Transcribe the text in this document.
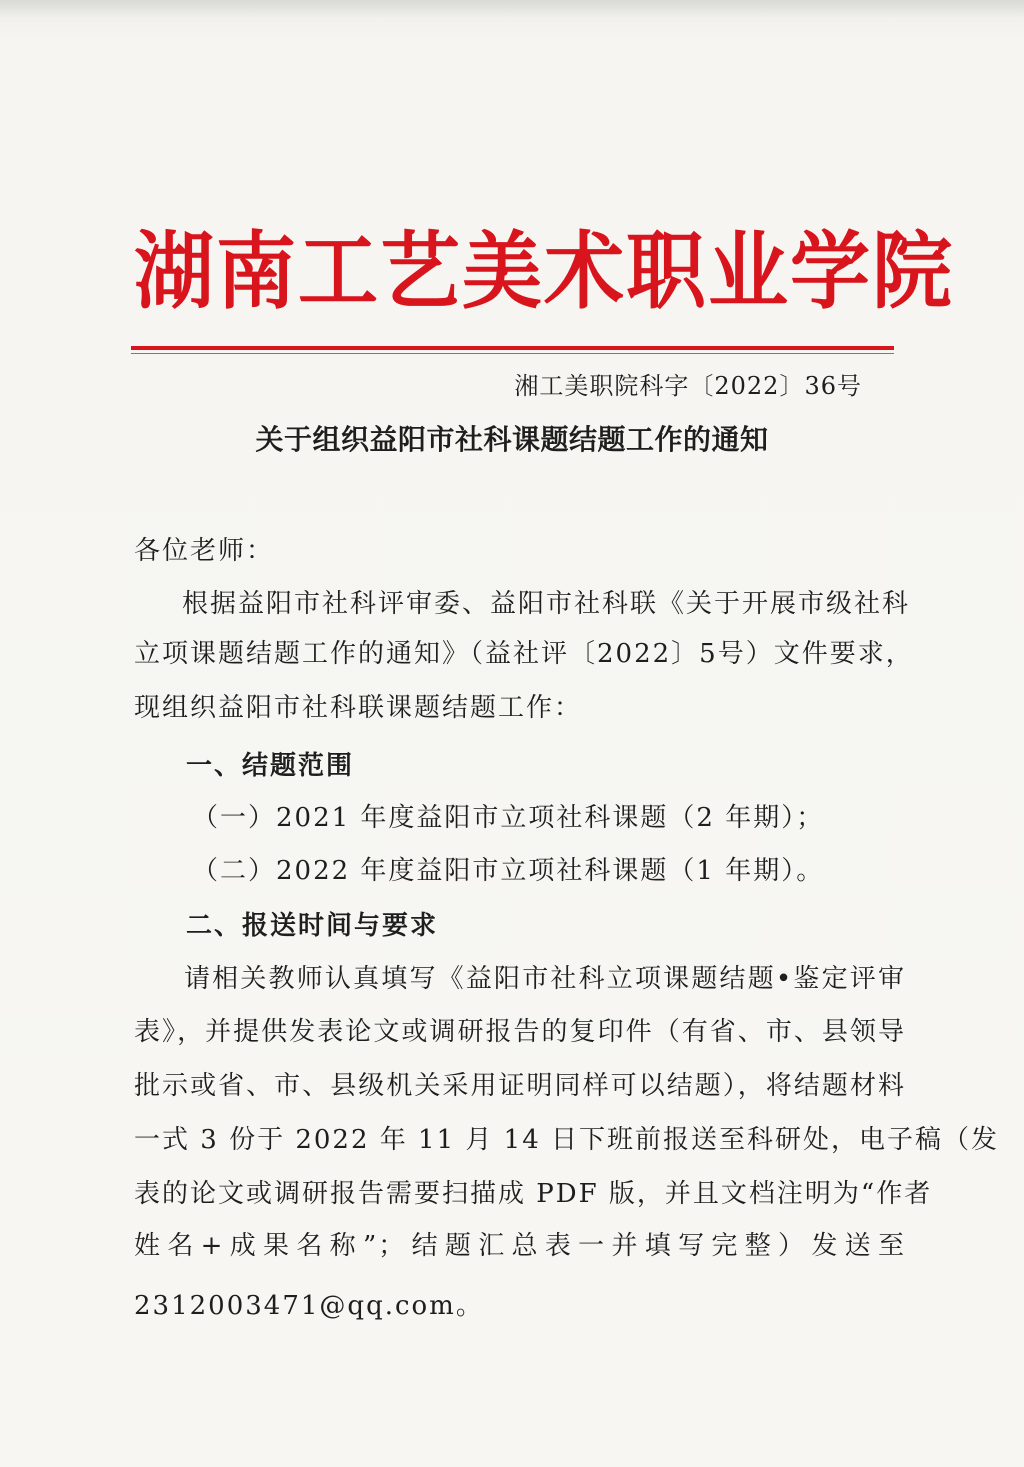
湖南工艺美术职业学院
湘工美职院科字〔2022〕36号
关于组织益阳市社科课题结题工作的通知
各位老师：
根据益阳市社科评审委、益阳市社科联《关于开展市级社科
立项课题结题工作的通知》（益社评〔2022〕5号）文件要求，
现组织益阳市社科联课题结题工作：
一、结题范围
（一）2021 年度益阳市立项社科课题（2 年期）；
（二）2022 年度益阳市立项社科课题（1 年期）。
二、报送时间与要求
请相关教师认真填写《益阳市社科立项课题结题•鉴定评审
表》，并提供发表论文或调研报告的复印件（有省、市、县领导
批示或省、市、县级机关采用证明同样可以结题），将结题材料
一式 3 份于 2022 年 11 月 14 日下班前报送至科研处，电子稿（发
表的论文或调研报告需要扫描成 PDF 版，并且文档注明为“作者
姓名+成果名称”；结题汇总表一并填写完整）发送至
2312003471@qq.com。
